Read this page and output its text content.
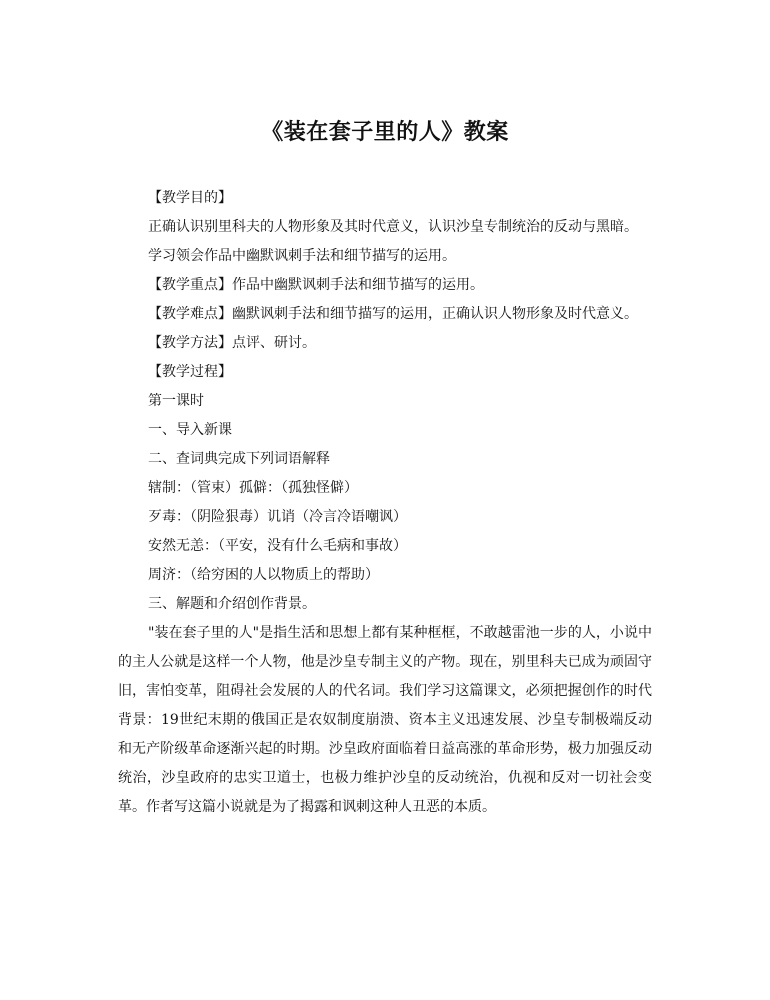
《装在套子里的人》教案

【教学目的】

正确认识别里科夫的人物形象及其时代意义，认识沙皇专制统治的反动与黑暗。

学习领会作品中幽默讽刺手法和细节描写的运用。

【教学重点】作品中幽默讽刺手法和细节描写的运用。

【教学难点】幽默讽刺手法和细节描写的运用，正确认识人物形象及时代意义。

【教学方法】点评、研讨。

【教学过程】

第一课时

一、导入新课

二、查词典完成下列词语解释

辖制：（管束）孤僻：（孤独怪僻）

歹毒：（阴险狠毒）讥诮（冷言冷语嘲讽）

安然无恙：（平安，没有什么毛病和事故）

周济：（给穷困的人以物质上的帮助）

三、解题和介绍创作背景。

"装在套子里的人"是指生活和思想上都有某种框框，不敢越雷池一步的人，小说中的主人公就是这样一个人物，他是沙皇专制主义的产物。现在，别里科夫已成为顽固守旧，害怕变革，阻碍社会发展的人的代名词。我们学习这篇课文，必须把握创作的时代背景：19世纪末期的俄国正是农奴制度崩溃、资本主义迅速发展、沙皇专制极端反动和无产阶级革命逐渐兴起的时期。沙皇政府面临着日益高涨的革命形势，极力加强反动统治，沙皇政府的忠实卫道士，也极力维护沙皇的反动统治，仇视和反对一切社会变革。作者写这篇小说就是为了揭露和讽刺这种人丑恶的本质。
